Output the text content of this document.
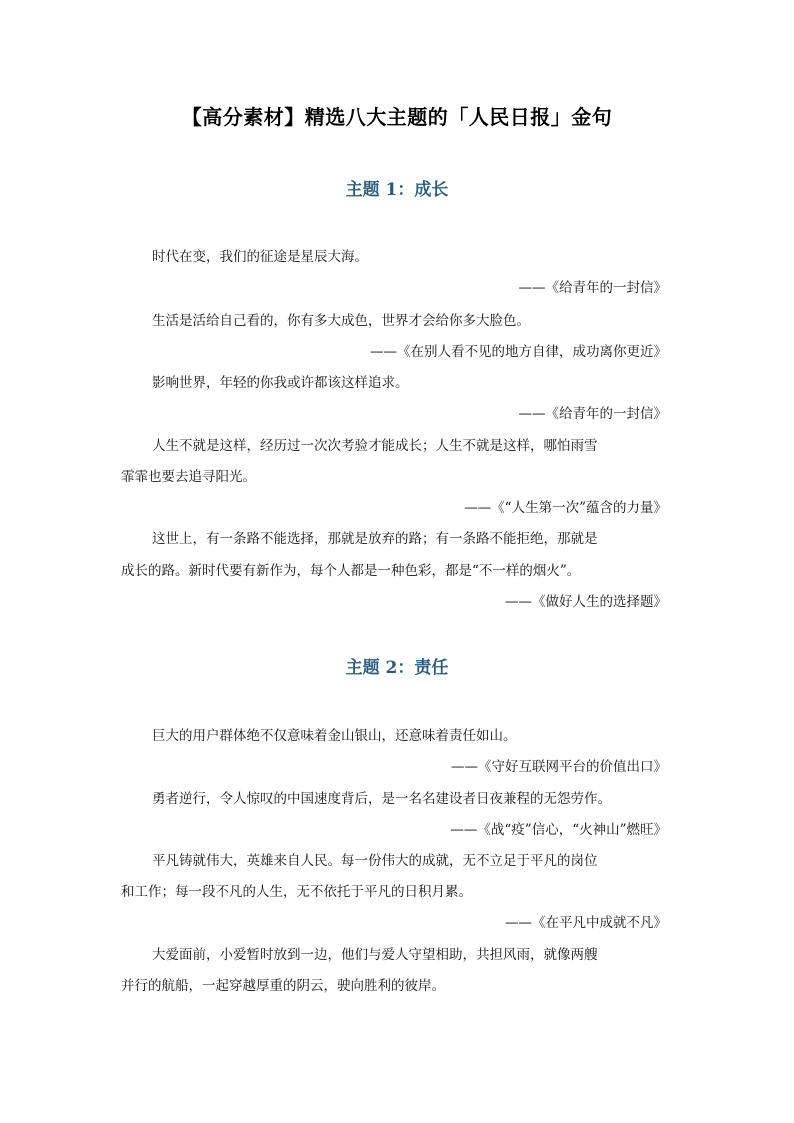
【高分素材】精选八大主题的「人民日报」金句
主题 1：成长
时代在变，我们的征途是星辰大海。
——《给青年的一封信》
生活是活给自己看的，你有多大成色，世界才会给你多大脸色。
——《在别人看不见的地方自律，成功离你更近》
影响世界，年轻的你我或许都该这样追求。
——《给青年的一封信》
人生不就是这样，经历过一次次考验才能成长；人生不就是这样，哪怕雨雪
霏霏也要去追寻阳光。
——《“人生第一次”蕴含的力量》
这世上，有一条路不能选择，那就是放弃的路；有一条路不能拒绝，那就是
成长的路。新时代要有新作为，每个人都是一种色彩，都是“不一样的烟火”。
——《做好人生的选择题》
主题 2：责任
巨大的用户群体绝不仅意味着金山银山，还意味着责任如山。
——《守好互联网平台的价值出口》
勇者逆行，令人惊叹的中国速度背后，是一名名建设者日夜兼程的无怨劳作。
——《战“疫”信心，“火神山”燃旺》
平凡铸就伟大，英雄来自人民。每一份伟大的成就，无不立足于平凡的岗位
和工作；每一段不凡的人生，无不依托于平凡的日积月累。
——《在平凡中成就不凡》
大爱面前，小爱暂时放到一边，他们与爱人守望相助，共担风雨，就像两艘
并行的航船，一起穿越厚重的阴云，驶向胜利的彼岸。
